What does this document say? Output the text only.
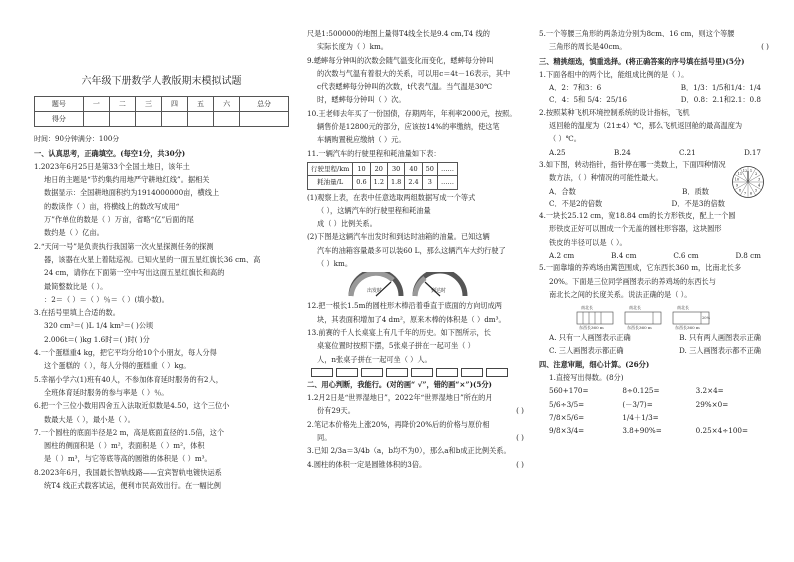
六年级下册数学人教版期末模拟试题
题号	一	二	三	四	五	六	总分
得分							
时间：90分钟满分：100分
一、认真思考，正确填空。(每空1分，共30分)
1.2023年6月25日是第33个全国土地日，该年土
地日的主题是“节约集约用地严守耕地红线”。据相关
数据显示：全国耕地面积约为1914000000亩，横线上
的数读作（ ）亩，将横线上的数改写成用“
万”作单位的数是（ ）万亩，省略“亿”后面的尾
数约是（ ）亿亩。
2.“天问一号”是负责执行我国第一次火星探测任务的探测
器，该器在火星上着陆巡视。已知火星的一面五星红旗长36 cm、高
24 cm，请你在下面第一空中写出这面五星红旗长和高的
最简整数比是（ ）。
：2＝（ ）＝（ ）％＝（ ）(填小数)。
3.在括号里填上合适的数。
320 cm²＝( )L 1/4 km²＝( )公顷
2.006t＝( )kg 1.6时＝( )时( )分
4.一个蛋糕重4 kg，把它平均分给10个小朋友，每人分得
这个蛋糕的（ ），每人分得的蛋糕重（ ）kg。
5.幸福小学六(1)班有40人，不参加体育延时服务的有2人，
全班体育延时服务的参与率是（ ）％。
6.把一个三位小数用四舍五入法取近似数是4.50，这个三位小
数最大是（ ），最小是（ ）。
7.一个圆柱的底面半径是2 m，高是底面直径的1.5倍，这个
圆柱的侧面积是（ ）m²，表面积是（ ）m²，体积
是（ ）m³，与它等底等高的圆锥的体积是（ ）m³。
8.2023年6月，我国最长智轨线路——宜宾智轨电镀快运系
统T4 线正式载客试运，便利市民高效出行。在一幅比例
尺是1:500000的地图上量得T4线全长是9.4 cm,T4 线的
实际长度为（ ）km。
9.蟋蟀每分钟叫的次数会随气温变化而变化，蟋蟀每分钟叫
的次数与气温有着很大的关系，可以用c＝4t－16表示，其中
c代表蟋蟀每分钟叫的次数，t代表气温。当气温是30℃
时，蟋蟀每分钟叫（ ）次。
10.王老师去年买了一份国债，存期两年，年利率2000元，按照。
辆售价是12800元的部分，应该按14%的率缴纳，使这笔
车辆购置税应缴纳（ ）元。
11.一辆汽车的行驶里程和耗油量如下表：
行驶里程/km	10	20	30	40	50	……
耗油量/L	0.6	1.2	1.8	2.4	3	……
(1)观察上表，在表中任意选取两组数据写成一个等式
（ ），这辆汽车的行驶里程和耗油量
成（ ）比例关系。
(2)下图是这辆汽车出发时和到达时油箱的油量。已知这辆
汽车的油箱容量最多可以装60 L，那么这辆汽车大约行驶了
（ ）km。
出发时	到达时
12.把一根长1.5m的圆柱形木棒沿着垂直于底面的方向切成两
块，其表面积增加了4 dm²，原来木棒的体积是（ ）dm³。
13.前赛的千人长桌宴上有几千年的历史。如下图所示，长
桌宴位置时按照下摆，5张桌子拼在一起可坐（ ）
人，n张桌子拼在一起可坐（ ）人。
二、用心判断，我能行。(对的画“ √”，错的画“×”)(5分)
1.2月2日是“世界湿地日”，2022年“世界湿地日”所在的月
份有29天。	( )
2.笔记本价格先上涨20%，再降价20%后的价格与原价相
同。	( )
3.已知 2/3a＝3/4b（a，b均不为0），那么a和b成正比例关系。
4.圆柱的体积一定是圆锥体积的3倍。	( )
5.一个等腰三角形的两条边分别为8cm、16 cm，则这个等腰
三角形的周长是40cm。	( )
三、精挑细选，慎重选择。(将正确答案的序号填在括号里)(5分)
1.下面各组中的两个比，能组成比例的是（ ）。
A．2：7和3：6	B．1/3：1/5和1/4：1/4
C．4：5和 5/4：25/16	D．0.8：2.1和2.1：0.8
2.按照某种飞机环境控制系统的设计指标，飞机
返回舱的温度为（21±4）℃，那么飞机返回舱的最高温度为
（ ）℃。
A.25	B.24	C.21	D.17
3.如下图，转动指针，指针停在哪一类数上，下面四种情况
数方法，（ ）种情况的可能性最大。
A．合数	B．质数
C．不是2的倍数	D．不是3的倍数
1
2
3
4
5
6
7
8
9
10
11
12
4.一块长25.12 cm，宽18.84 cm的长方形铁皮，配上一个圆
形铁皮正好可以围成一个无盖的圆柱形容器，这块圆形
铁皮的半径可以是（ ）。
A.2 cm	B.4 cm	C.6 cm	D.8 cm
5.一面靠墙的养鸡场由篱笆围成，它东西长360 m，比南北长多
20%。下面是三位同学画图表示的养鸡场的东西长与
南北长之间的长度关系。说法正确的是（ ）。
南北长
东西长360 m
南北长
东西长360 m
南北长
20%
东西长360 m
A. 只有一人画图表示正确	B. 只有两人画图表示正确
C. 三人画图表示都正确	D. 三人画图表示都不正确
四、注意审题，细心计算。(26分)
1.直接写出得数。(8分)
560+170=	8÷0.125=	3.2×4=
5/6÷3/5=	(－3/7)=	29%×0=
7/8×5/6=	1/4＋1/3=
9/8×3/4=	3.8+90%=	0.25×4÷100=
